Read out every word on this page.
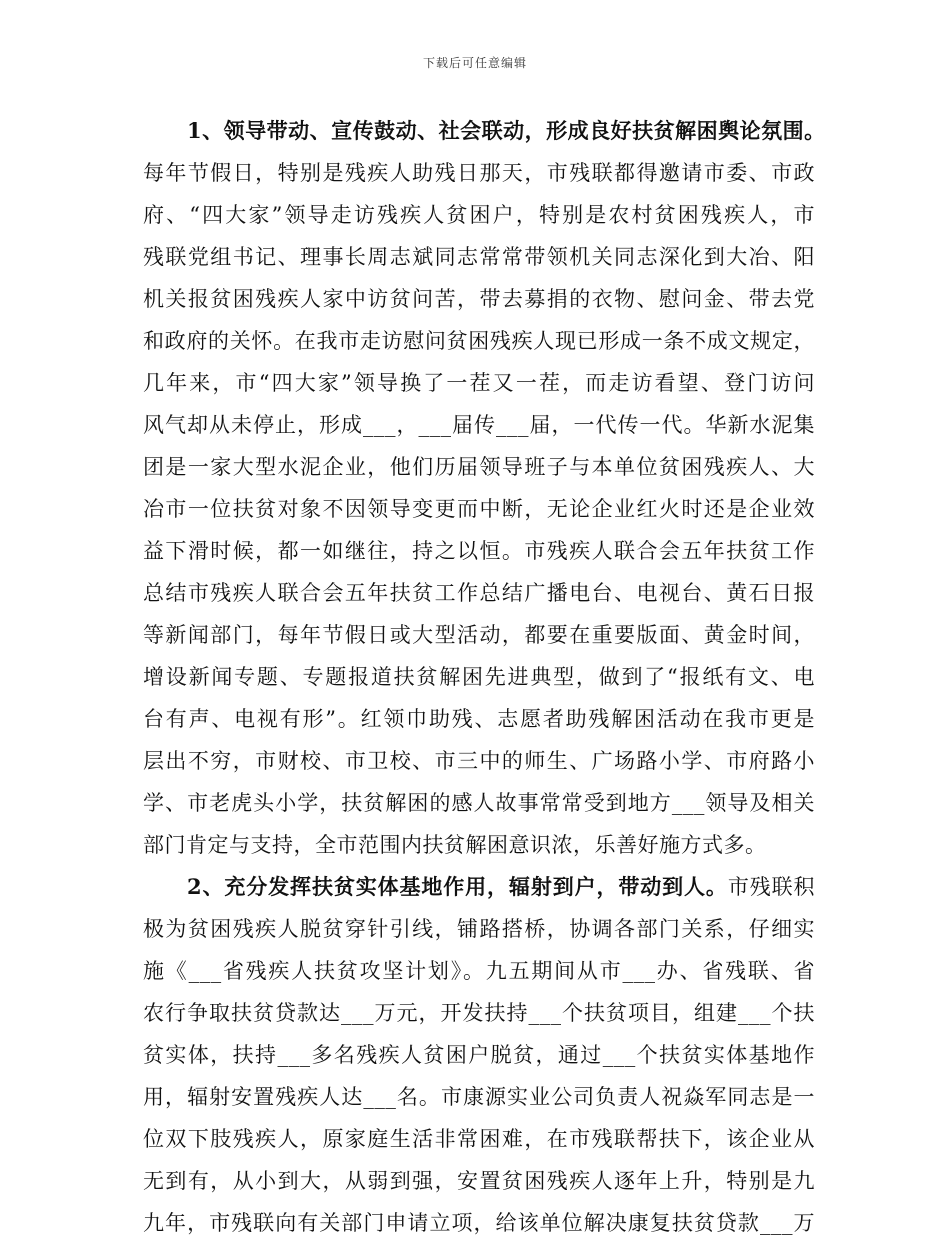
下载后可任意编辑
1、领导带动、宣传鼓动、社会联动，形成良好扶贫解困舆论氛围。
每年节假日，特别是残疾人助残日那天，市残联都得邀请市委、市政
府、“四大家”领导走访残疾人贫困户，特别是农村贫困残疾人，市
残联党组书记、理事长周志斌同志常常带领机关同志深化到大冶、阳
机关报贫困残疾人家中访贫问苦，带去募捐的衣物、慰问金、带去党
和政府的关怀。在我市走访慰问贫困残疾人现已形成一条不成文规定，
几年来，市“四大家”领导换了一茬又一茬，而走访看望、登门访问
风气却从未停止，形成___，___届传___届，一代传一代。华新水泥集
团是一家大型水泥企业，他们历届领导班子与本单位贫困残疾人、大
冶市一位扶贫对象不因领导变更而中断，无论企业红火时还是企业效
益下滑时候，都一如继往，持之以恒。市残疾人联合会五年扶贫工作
总结市残疾人联合会五年扶贫工作总结广播电台、电视台、黄石日报
等新闻部门，每年节假日或大型活动，都要在重要版面、黄金时间，
增设新闻专题、专题报道扶贫解困先进典型，做到了“报纸有文、电
台有声、电视有形”。红领巾助残、志愿者助残解困活动在我市更是
层出不穷，市财校、市卫校、市三中的师生、广场路小学、市府路小
学、市老虎头小学，扶贫解困的感人故事常常受到地方___领导及相关
部门肯定与支持，全市范围内扶贫解困意识浓，乐善好施方式多。
2、充分发挥扶贫实体基地作用，辐射到户，带动到人。市残联积
极为贫困残疾人脱贫穿针引线，铺路搭桥，协调各部门关系，仔细实
施《___省残疾人扶贫攻坚计划》。九五期间从市___办、省残联、省
农行争取扶贫贷款达___万元，开发扶持___个扶贫项目，组建___个扶
贫实体，扶持___多名残疾人贫困户脱贫，通过___个扶贫实体基地作
用，辐射安置残疾人达___名。市康源实业公司负责人祝焱军同志是一
位双下肢残疾人，原家庭生活非常困难，在市残联帮扶下，该企业从
无到有，从小到大，从弱到强，安置贫困残疾人逐年上升，特别是九
九年，市残联向有关部门申请立项，给该单位解决康复扶贫贷款___万
